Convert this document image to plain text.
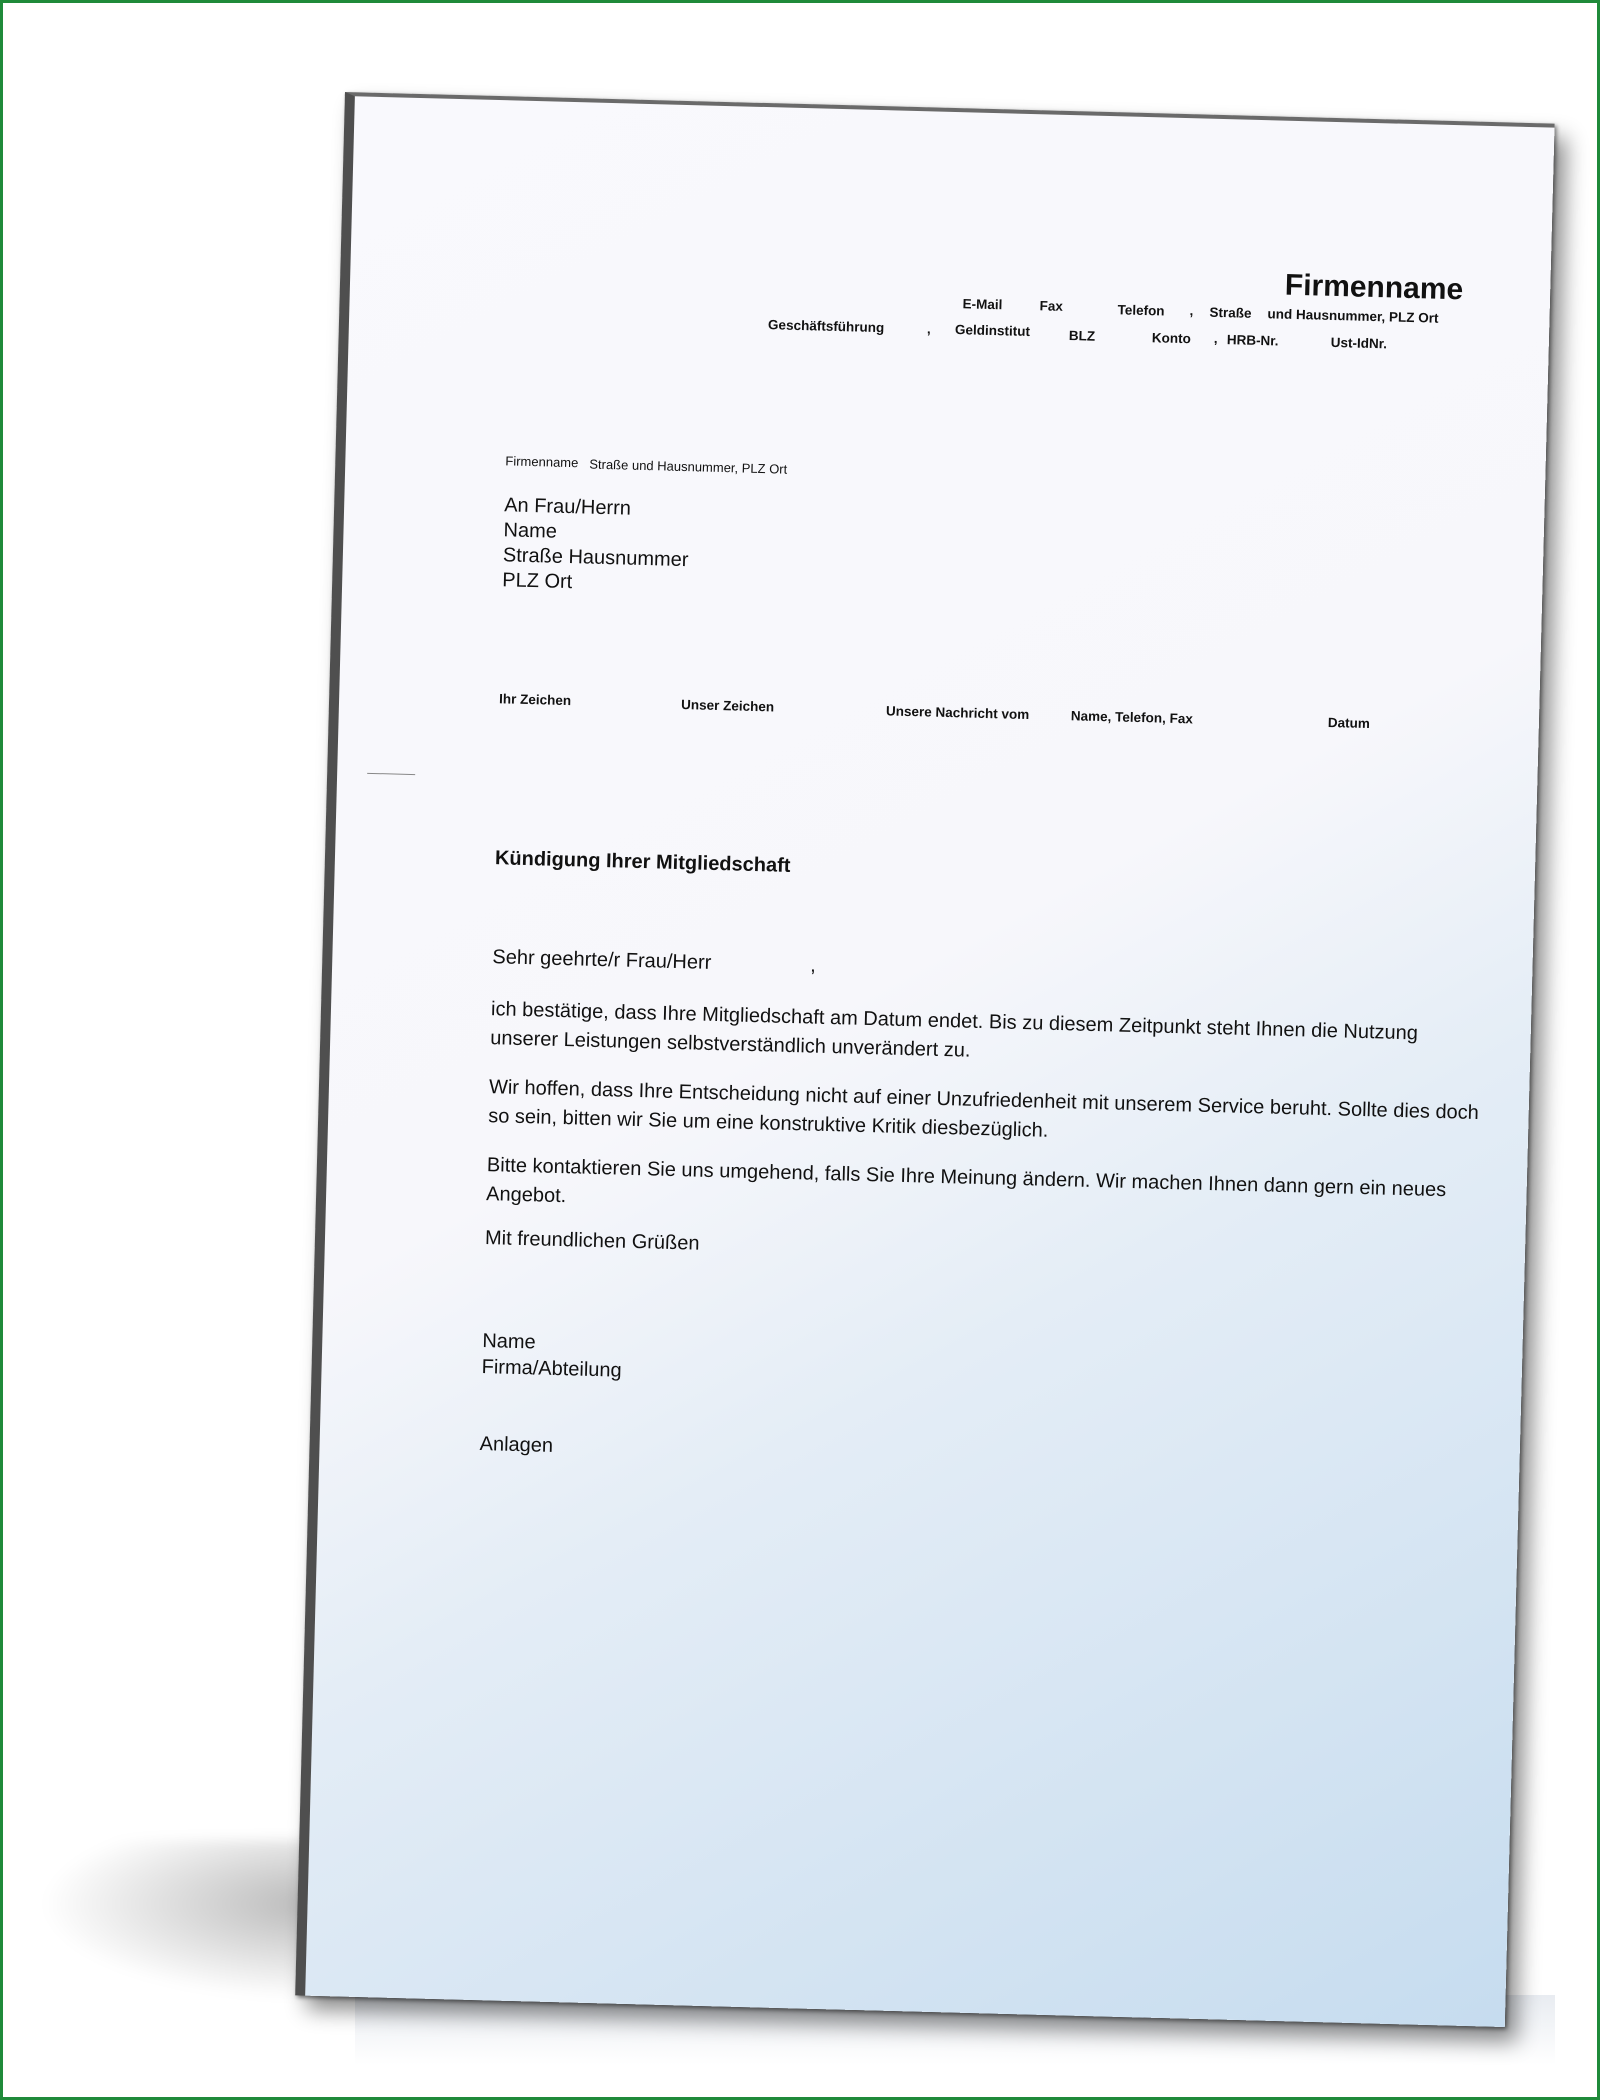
Firmenname
E-Mail	Fax	Telefon , Straße und Hausnummer, PLZ Ort
Geschäftsführung	, Geldinstitut	BLZ	Konto , HRB-Nr.	Ust-IdNr.
Firmenname Straße und Hausnummer, PLZ Ort
An Frau/Herrn
Name
Straße Hausnummer
PLZ Ort
Ihr Zeichen	Unser Zeichen	Unsere Nachricht vom	Name, Telefon, Fax	Datum
Kündigung Ihrer Mitgliedschaft
Sehr geehrte/r Frau/Herr	,
ich bestätige, dass Ihre Mitgliedschaft am Datum endet. Bis zu diesem Zeitpunkt steht Ihnen die Nutzung unserer Leistungen selbstverständlich unverändert zu.
Wir hoffen, dass Ihre Entscheidung nicht auf einer Unzufriedenheit mit unserem Service beruht. Sollte dies doch so sein, bitten wir Sie um eine konstruktive Kritik diesbezüglich.
Bitte kontaktieren Sie uns umgehend, falls Sie Ihre Meinung ändern. Wir machen Ihnen dann gern ein neues Angebot.
Mit freundlichen Grüßen
Name
Firma/Abteilung
Anlagen
